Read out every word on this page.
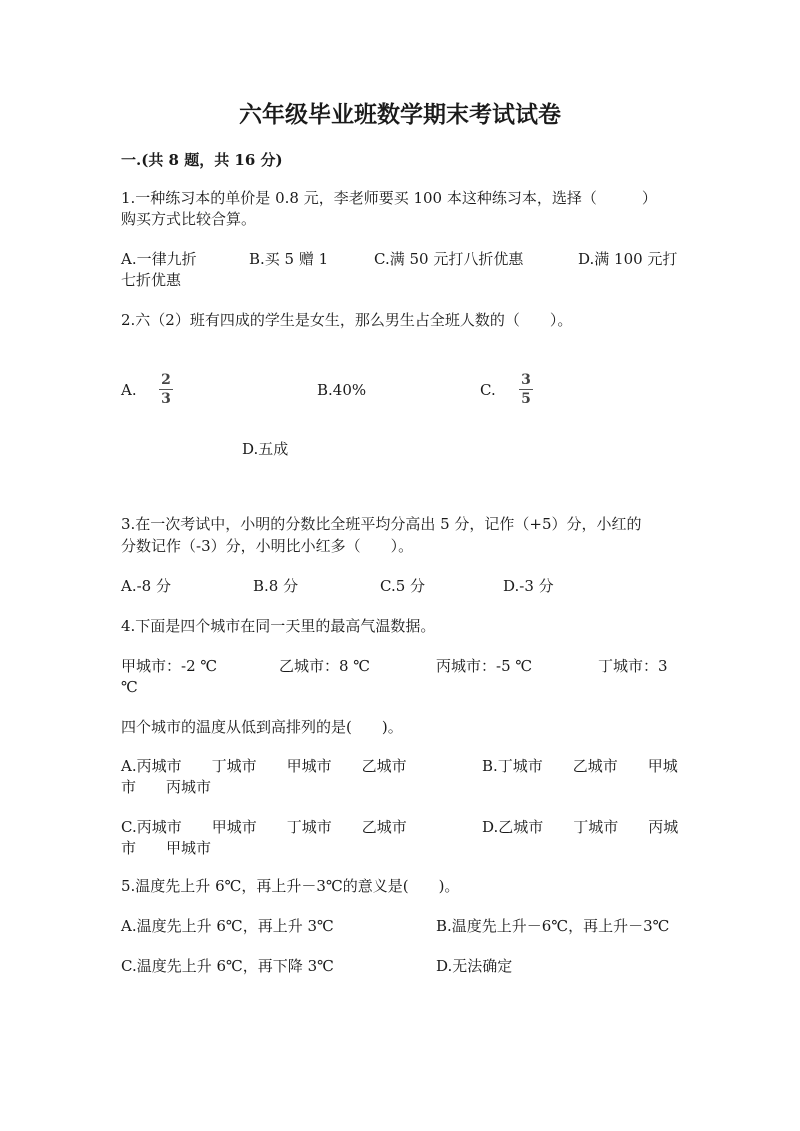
六年级毕业班数学期末考试试卷
一.(共 8 题，共 16 分)
1.一种练习本的单价是 0.8 元，李老师要买 100 本这种练习本，选择（　　　）
购买方式比较合算。
A.一律九折	B.买 5 赠 1	C.满 50 元打八折优惠	D.满 100 元打
七折优惠
2.六（2）班有四成的学生是女生，那么男生占全班人数的（　　）。
A.
2
3	B.40%	C.
3
5
D.五成
3.在一次考试中，小明的分数比全班平均分高出 5 分，记作（+5）分，小红的
分数记作（-3）分，小明比小红多（　　）。
A.-8 分	B.8 分	C.5 分	D.-3 分
4.下面是四个城市在同一天里的最高气温数据。
甲城市：-2 ℃	乙城市：8 ℃	丙城市：-5 ℃	丁城市：3
℃
四个城市的温度从低到高排列的是(　　)。
A.丙城市　　丁城市　　甲城市　　乙城市	B.丁城市　　乙城市　　甲城
市　　丙城市
C.丙城市　　甲城市　　丁城市　　乙城市	D.乙城市　　丁城市　　丙城
市　　甲城市
5.温度先上升 6℃，再上升－3℃的意义是(　　)。
A.温度先上升 6℃，再上升 3℃	B.温度先上升－6℃，再上升－3℃
C.温度先上升 6℃，再下降 3℃	D.无法确定
